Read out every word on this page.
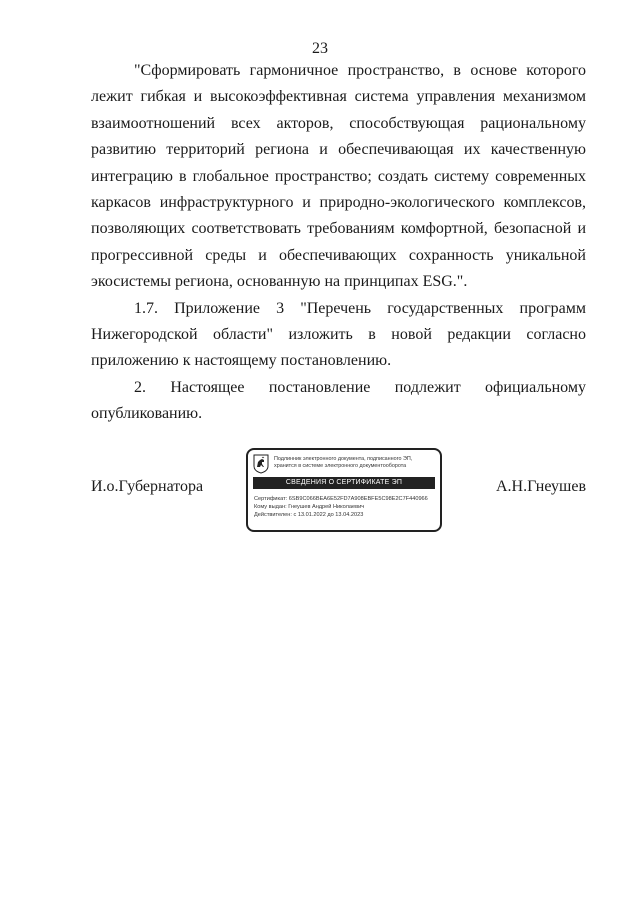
23

"Сформировать гармоничное пространство, в основе которого лежит гибкая и высокоэффективная система управления механизмом взаимоотношений всех акторов, способствующая рациональному развитию территорий региона и обеспечивающая их качественную интеграцию в глобальное пространство; создать систему современных каркасов инфраструктурного и природно-экологического комплексов, позволяющих соответствовать требованиям комфортной, безопасной и прогрессивной среды и обеспечивающих сохранность уникальной экосистемы региона, основанную на принципах ESG.".

1.7. Приложение 3 "Перечень государственных программ Нижегородской области" изложить в новой редакции согласно приложению к настоящему постановлению.

2. Настоящее постановление подлежит официальному опубликованию.

И.о.Губернатора
Подлинник электронного документа, подписанного ЭП,
хранится в системе электронного документооборота
СВЕДЕНИЯ О СЕРТИФИКАТЕ ЭП
Сертификат: 6SB9C066BEA6E52FD7A908EBFE5C98E2C7F440966
Кому выдан: Гнеушев Андрей Николаевич
Действителен: с 13.01.2022 до 13.04.2023
А.Н.Гнеушев
